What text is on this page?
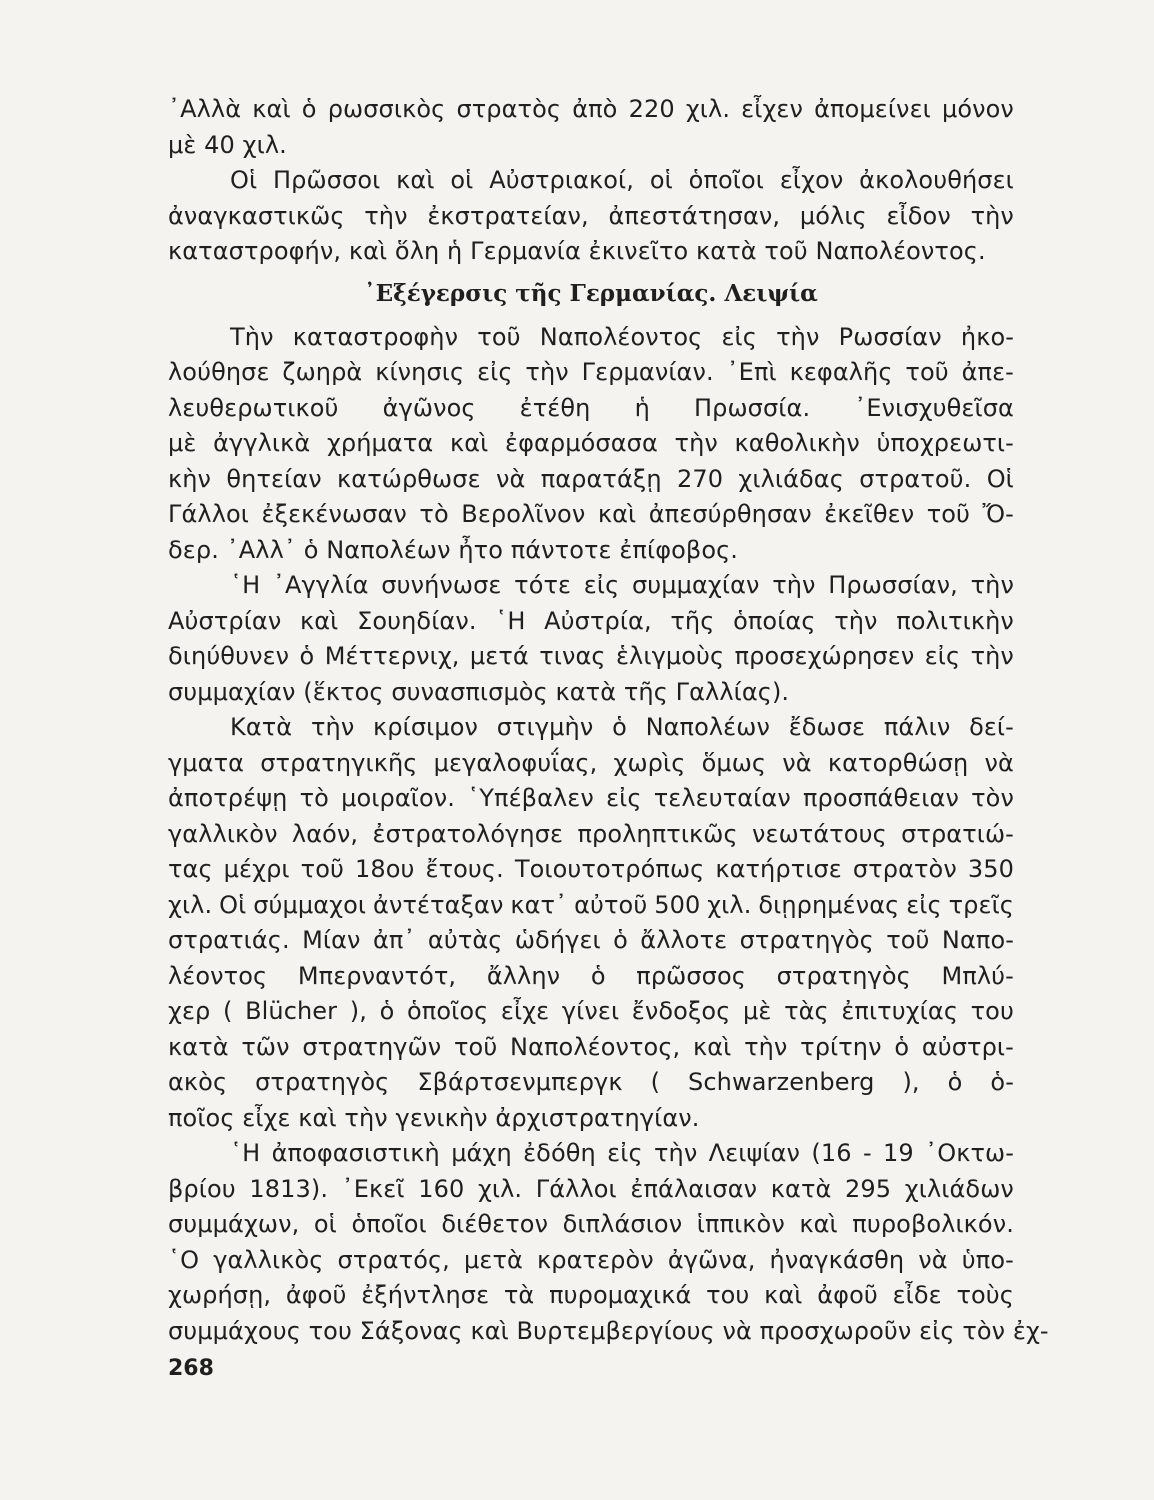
᾿Αλλὰ καὶ ὁ ρωσσικὸς στρατὸς ἀπὸ 220 χιλ. εἶχεν ἀπομείνει μόνον
μὲ 40 χιλ.
Οἱ Πρῶσσοι καὶ οἱ Αὐστριακοί, οἱ ὁποῖοι εἶχον ἀκολουθήσει
ἀναγκαστικῶς τὴν ἐκστρατείαν, ἀπεστάτησαν, μόλις εἶδον τὴν
καταστροφήν, καὶ ὅλη ἡ Γερμανία ἐκινεῖτο κατὰ τοῦ Ναπολέοντος.
᾿Εξέγερσις τῆς Γερμανίας. Λειψία
Τὴν καταστροφὴν τοῦ Ναπολέοντος εἰς τὴν Ρωσσίαν ἠκο-
λούθησε ζωηρὰ κίνησις εἰς τὴν Γερμανίαν. ᾿Επὶ κεφαλῆς τοῦ ἀπε-
λευθερωτικοῦ ἀγῶνος ἐτέθη ἡ Πρωσσία. ᾿Ενισχυθεῖσα
μὲ ἀγγλικὰ χρήματα καὶ ἐφαρμόσασα τὴν καθολικὴν ὑποχρεωτι-
κὴν θητείαν κατώρθωσε νὰ παρατάξῃ 270 χιλιάδας στρατοῦ. Οἱ
Γάλλοι ἐξεκένωσαν τὸ Βερολῖνον καὶ ἀπεσύρθησαν ἐκεῖθεν τοῦ Ὄ-
δερ. ᾿Αλλ᾿ ὁ Ναπολέων ἦτο πάντοτε ἐπίφοβος.
῾Η ᾿Αγγλία συνήνωσε τότε εἰς συμμαχίαν τὴν Πρωσσίαν, τὴν
Αὐστρίαν καὶ Σουηδίαν. ῾Η Αὐστρία, τῆς ὁποίας τὴν πολιτικὴν
διηύθυνεν ὁ Μέττερνιχ, μετά τινας ἑλιγμοὺς προσεχώρησεν εἰς τὴν
συμμαχίαν (ἕκτος συνασπισμὸς κατὰ τῆς Γαλλίας).
Κατὰ τὴν κρίσιμον στιγμὴν ὁ Ναπολέων ἔδωσε πάλιν δεί-
γματα στρατηγικῆς μεγαλοφυΐας, χωρὶς ὅμως νὰ κατορθώσῃ νὰ
ἀποτρέψῃ τὸ μοιραῖον. ῾Υπέβαλεν εἰς τελευταίαν προσπάθειαν τὸν
γαλλικὸν λαόν, ἐστρατολόγησε προληπτικῶς νεωτάτους στρατιώ-
τας μέχρι τοῦ 18ου ἔτους. Τοιουτοτρόπως κατήρτισε στρατὸν 350
χιλ. Οἱ σύμμαχοι ἀντέταξαν κατ᾿ αὐτοῦ 500 χιλ. διῃρημένας εἰς τρεῖς
στρατιάς. Μίαν ἀπ᾿ αὐτὰς ὡδήγει ὁ ἄλλοτε στρατηγὸς τοῦ Ναπο-
λέοντος Μπερναντότ, ἄλλην ὁ πρῶσσος στρατηγὸς Μπλύ-
χερ ( Blücher ), ὁ ὁποῖος εἶχε γίνει ἔνδοξος μὲ τὰς ἐπιτυχίας του
κατὰ τῶν στρατηγῶν τοῦ Ναπολέοντος, καὶ τὴν τρίτην ὁ αὐστρι-
ακὸς στρατηγὸς Σβάρτσενμπεργκ ( Schwarzenberg ), ὁ ὁ-
ποῖος εἶχε καὶ τὴν γενικὴν ἀρχιστρατηγίαν.
῾Η ἀποφασιστικὴ μάχη ἐδόθη εἰς τὴν Λειψίαν (16 - 19 ᾿Οκτω-
βρίου 1813). ᾿Εκεῖ 160 χιλ. Γάλλοι ἐπάλαισαν κατὰ 295 χιλιάδων
συμμάχων, οἱ ὁποῖοι διέθετον διπλάσιον ἱππικὸν καὶ πυροβολικόν.
῾Ο γαλλικὸς στρατός, μετὰ κρατερὸν ἀγῶνα, ἠναγκάσθη νὰ ὑπο-
χωρήσῃ, ἀφοῦ ἐξήντλησε τὰ πυρομαχικά του καὶ ἀφοῦ εἶδε τοὺς
συμμάχους του Σάξονας καὶ Βυρτεμβεργίους νὰ προσχωροῦν εἰς τὸν ἐχ-
268
